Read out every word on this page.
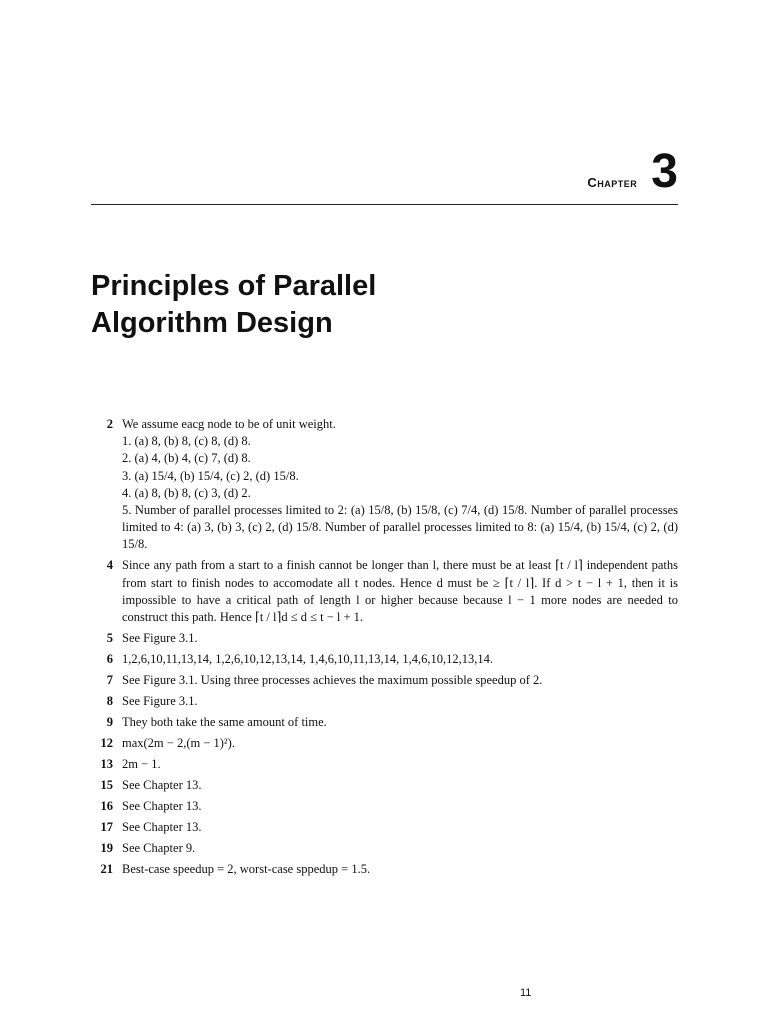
Chapter 3
Principles of Parallel
Algorithm Design
2 We assume eacg node to be of unit weight.
1. (a) 8, (b) 8, (c) 8, (d) 8.
2. (a) 4, (b) 4, (c) 7, (d) 8.
3. (a) 15/4, (b) 15/4, (c) 2, (d) 15/8.
4. (a) 8, (b) 8, (c) 3, (d) 2.
5. Number of parallel processes limited to 2: (a) 15/8, (b) 15/8, (c) 7/4, (d) 15/8. Number of parallel processes limited to 4: (a) 3, (b) 3, (c) 2, (d) 15/8. Number of parallel processes limited to 8: (a) 15/4, (b) 15/4, (c) 2, (d) 15/8.
4 Since any path from a start to a finish cannot be longer than l, there must be at least ⌈t / l⌉ independent paths from start to finish nodes to accomodate all t nodes. Hence d must be ≥ ⌈t / l⌉. If d > t − l + 1, then it is impossible to have a critical path of length l or higher because because l − 1 more nodes are needed to construct this path. Hence ⌈t / l⌉d ≤ d ≤ t − l + 1.
5 See Figure 3.1.
6 1,2,6,10,11,13,14, 1,2,6,10,12,13,14, 1,4,6,10,11,13,14, 1,4,6,10,12,13,14.
7 See Figure 3.1. Using three processes achieves the maximum possible speedup of 2.
8 See Figure 3.1.
9 They both take the same amount of time.
12 max(2m − 2,(m − 1)²).
13 2m − 1.
15 See Chapter 13.
16 See Chapter 13.
17 See Chapter 13.
19 See Chapter 9.
21 Best-case speedup = 2, worst-case sppedup = 1.5.
11
